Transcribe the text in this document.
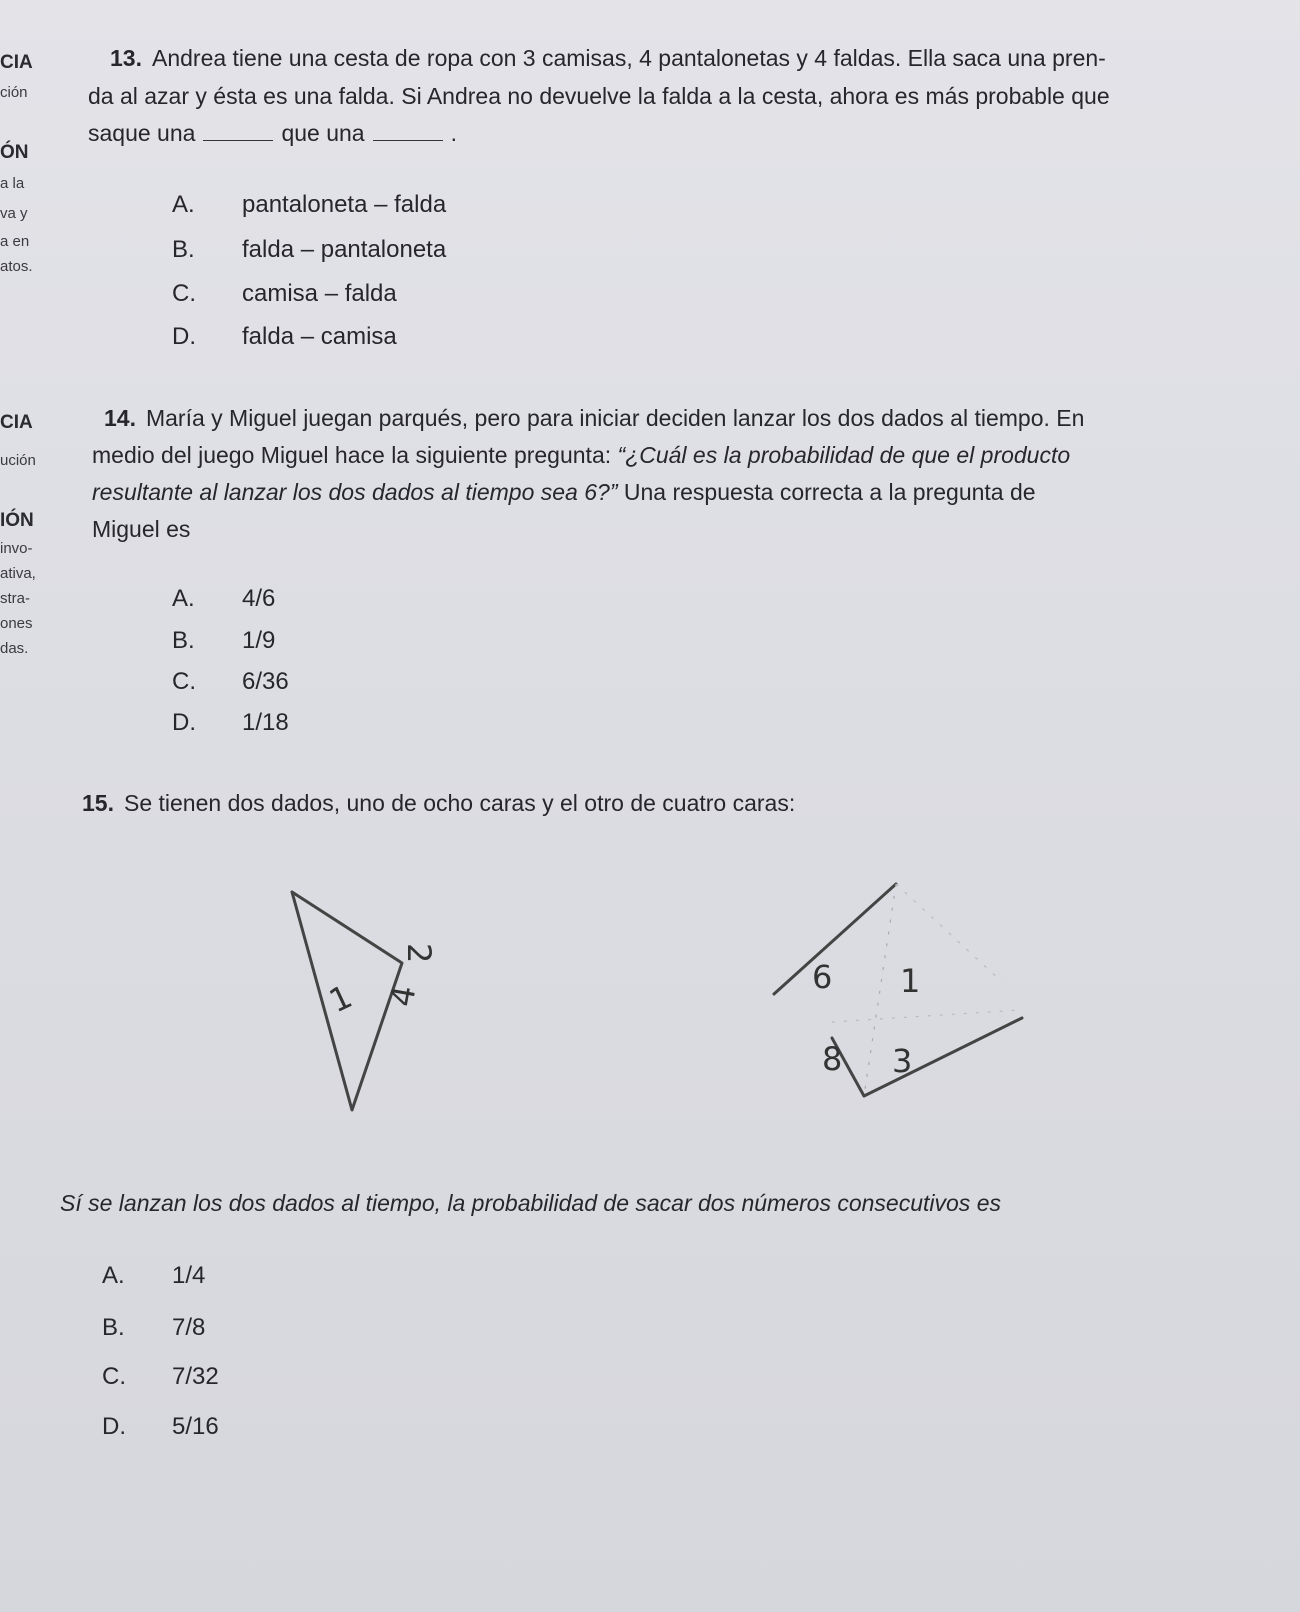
CIA
ción
ÓN
a la
va y
a en
atos.
CIA
ución
IÓN
invo-
ativa,
stra-
ones
das.
13. Andrea tiene una cesta de ropa con 3 camisas, 4 pantalonetas y 4 faldas. Ella saca una pren-
da al azar y ésta es una falda. Si Andrea no devuelve la falda a la cesta, ahora es más probable que
saque una	que una	.
A. pantaloneta – falda
B. falda – pantaloneta
C. camisa – falda
D. falda – camisa
14. María y Miguel juegan parqués, pero para iniciar deciden lanzar los dos dados al tiempo. En
medio del juego Miguel hace la siguiente pregunta: “¿Cuál es la probabilidad de que el producto
resultante al lanzar los dos dados al tiempo sea 6?” Una respuesta correcta a la pregunta de
Miguel es
A. 4/6
B. 1/9
C. 6/36
D. 1/18
15. Se tienen dos dados, uno de ocho caras y el otro de cuatro caras:
2
1 4
6 1
8 3
Sí se lanzan los dos dados al tiempo, la probabilidad de sacar dos números consecutivos es
A. 1/4
B. 7/8
C. 7/32
D. 5/16
